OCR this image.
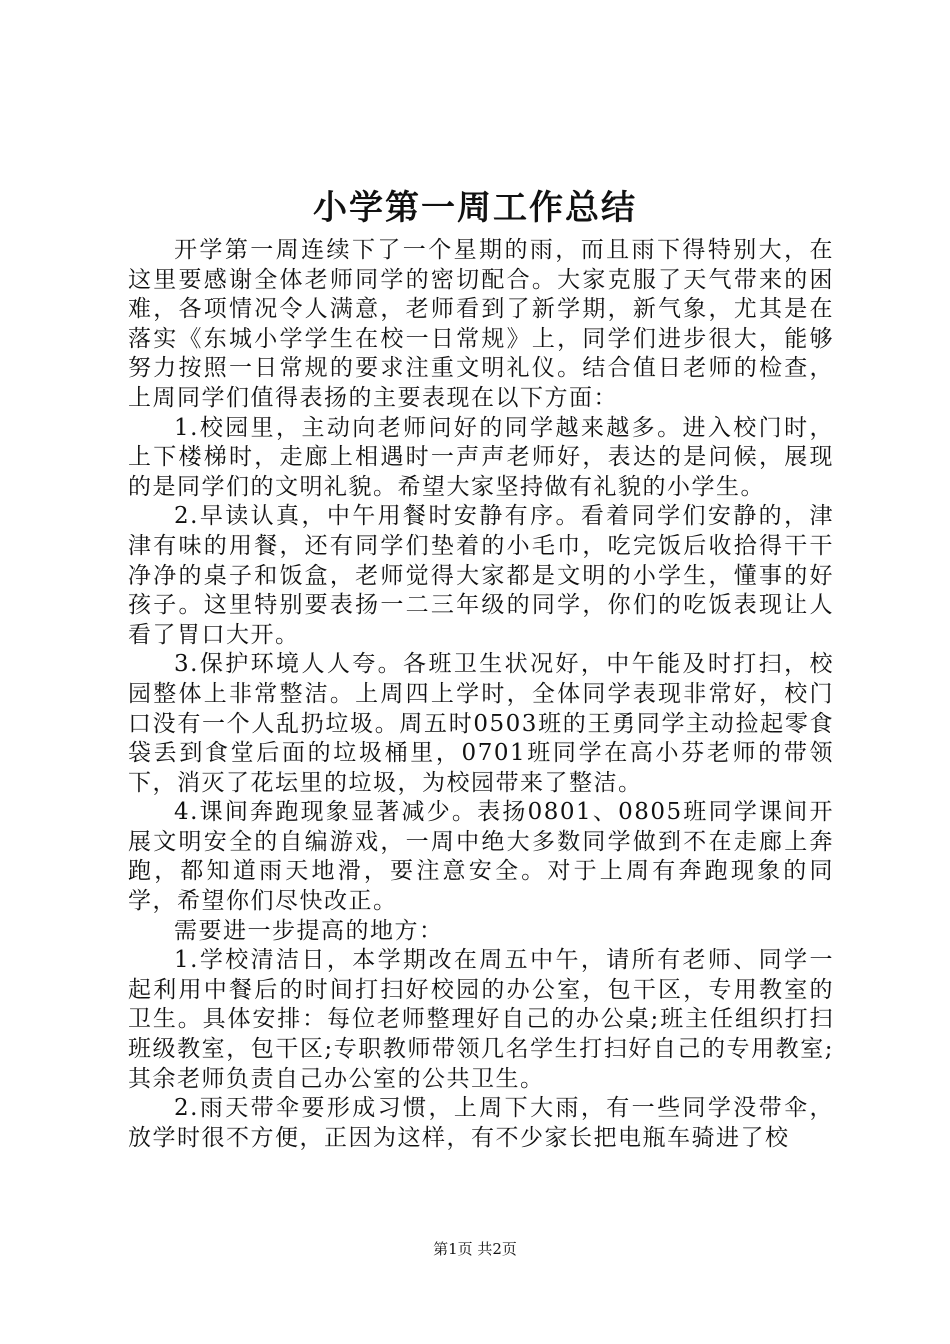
小学第一周工作总结

开学第一周连续下了一个星期的雨，而且雨下得特别大，在这里要感谢全体老师同学的密切配合。大家克服了天气带来的困难，各项情况令人满意，老师看到了新学期，新气象，尤其是在落实《东城小学学生在校一日常规》上，同学们进步很大，能够努力按照一日常规的要求注重文明礼仪。结合值日老师的检查，上周同学们值得表扬的主要表现在以下方面：

1.校园里，主动向老师问好的同学越来越多。进入校门时，上下楼梯时，走廊上相遇时一声声老师好，表达的是问候，展现的是同学们的文明礼貌。希望大家坚持做有礼貌的小学生。

2.早读认真，中午用餐时安静有序。看着同学们安静的，津津有味的用餐，还有同学们垫着的小毛巾，吃完饭后收拾得干干净净的桌子和饭盒，老师觉得大家都是文明的小学生，懂事的好孩子。这里特别要表扬一二三年级的同学，你们的吃饭表现让人看了胃口大开。

3.保护环境人人夸。各班卫生状况好，中午能及时打扫，校园整体上非常整洁。上周四上学时，全体同学表现非常好，校门口没有一个人乱扔垃圾。周五时0503班的王勇同学主动捡起零食袋丢到食堂后面的垃圾桶里，0701班同学在高小芬老师的带领下，消灭了花坛里的垃圾，为校园带来了整洁。

4.课间奔跑现象显著减少。表扬0801、0805班同学课间开展文明安全的自编游戏，一周中绝大多数同学做到不在走廊上奔跑，都知道雨天地滑，要注意安全。对于上周有奔跑现象的同学，希望你们尽快改正。

需要进一步提高的地方：

1.学校清洁日，本学期改在周五中午，请所有老师、同学一起利用中餐后的时间打扫好校园的办公室，包干区，专用教室的卫生。具体安排：每位老师整理好自己的办公桌;班主任组织打扫班级教室，包干区;专职教师带领几名学生打扫好自己的专用教室;其余老师负责自己办公室的公共卫生。

2.雨天带伞要形成习惯，上周下大雨，有一些同学没带伞，放学时很不方便，正因为这样，有不少家长把电瓶车骑进了校

第1页 共2页
